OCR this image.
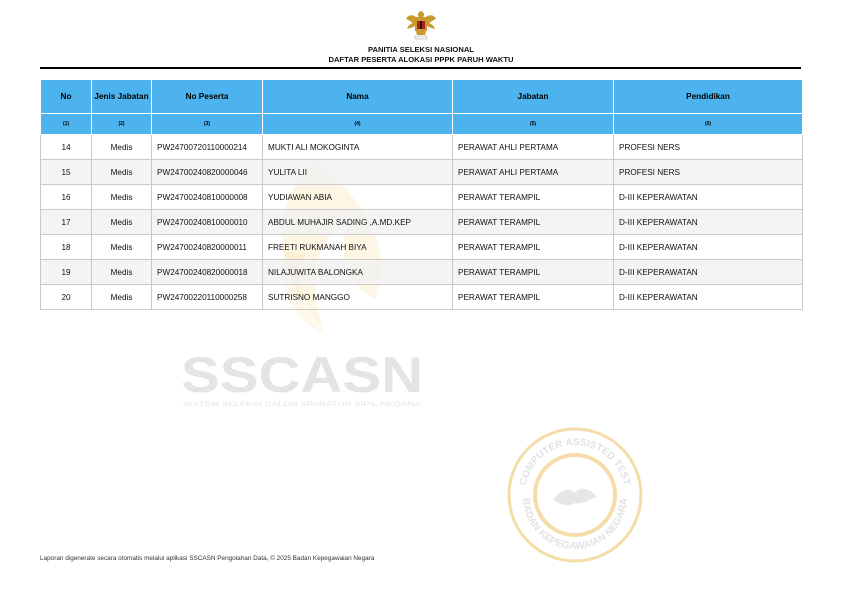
SSCASN
SISTEM SELEKSI CALON APARATUR SIPIL NEGARA
COMPUTER ASSISTED TEST
BADAN KEPEGAWAIAN NEGARA
PANITIA SELEKSI NASIONAL
DAFTAR PESERTA ALOKASI PPPK PARUH WAKTU
No	Jenis Jabatan	No Peserta	Nama	Jabatan	Pendidikan
(1)	(2)	(3)	(4)	(5)	(6)
14	Medis	PW24700720110000214	MUKTI ALI MOKOGINTA	PERAWAT AHLI PERTAMA	PROFESI NERS
15	Medis	PW24700240820000046	YULITA LII	PERAWAT AHLI PERTAMA	PROFESI NERS
16	Medis	PW24700240810000008	YUDIAWAN ABIA	PERAWAT TERAMPIL	D-III KEPERAWATAN
17	Medis	PW24700240810000010	ABDUL MUHAJIR SADING ,A.MD.KEP	PERAWAT TERAMPIL	D-III KEPERAWATAN
18	Medis	PW24700240820000011	FREETI RUKMANAH BIYA	PERAWAT TERAMPIL	D-III KEPERAWATAN
19	Medis	PW24700240820000018	NILAJUWITA BALONGKA	PERAWAT TERAMPIL	D-III KEPERAWATAN
20	Medis	PW24700220110000258	SUTRISNO MANGGO	PERAWAT TERAMPIL	D-III KEPERAWATAN
Laporan digenerate secara otomatis melalui aplikasi SSCASN Pengolahan Data, © 2025 Badan Kepegawaian Negara
